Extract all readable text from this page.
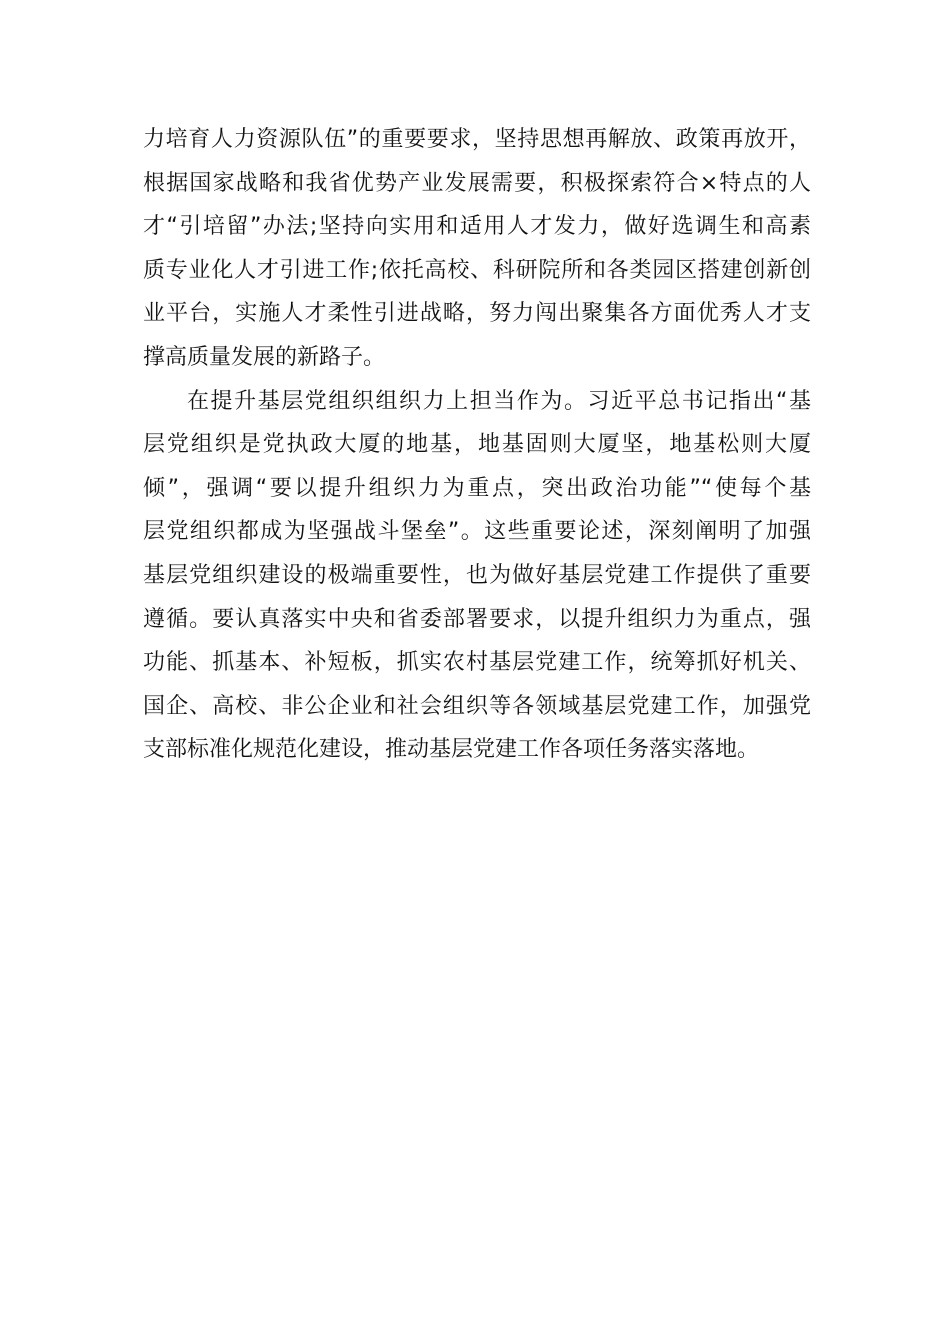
力培育人力资源队伍”的重要要求，坚持思想再解放、政策再放开，
根据国家战略和我省优势产业发展需要，积极探索符合×特点的人
才“引培留”办法;坚持向实用和适用人才发力，做好选调生和高素
质专业化人才引进工作;依托高校、科研院所和各类园区搭建创新创
业平台，实施人才柔性引进战略，努力闯出聚集各方面优秀人才支
撑高质量发展的新路子。
在提升基层党组织组织力上担当作为。习近平总书记指出“基
层党组织是党执政大厦的地基，地基固则大厦坚，地基松则大厦
倾”，强调“要以提升组织力为重点，突出政治功能”“使每个基
层党组织都成为坚强战斗堡垒”。这些重要论述，深刻阐明了加强
基层党组织建设的极端重要性，也为做好基层党建工作提供了重要
遵循。要认真落实中央和省委部署要求，以提升组织力为重点，强
功能、抓基本、补短板，抓实农村基层党建工作，统筹抓好机关、
国企、高校、非公企业和社会组织等各领域基层党建工作，加强党
支部标准化规范化建设，推动基层党建工作各项任务落实落地。
